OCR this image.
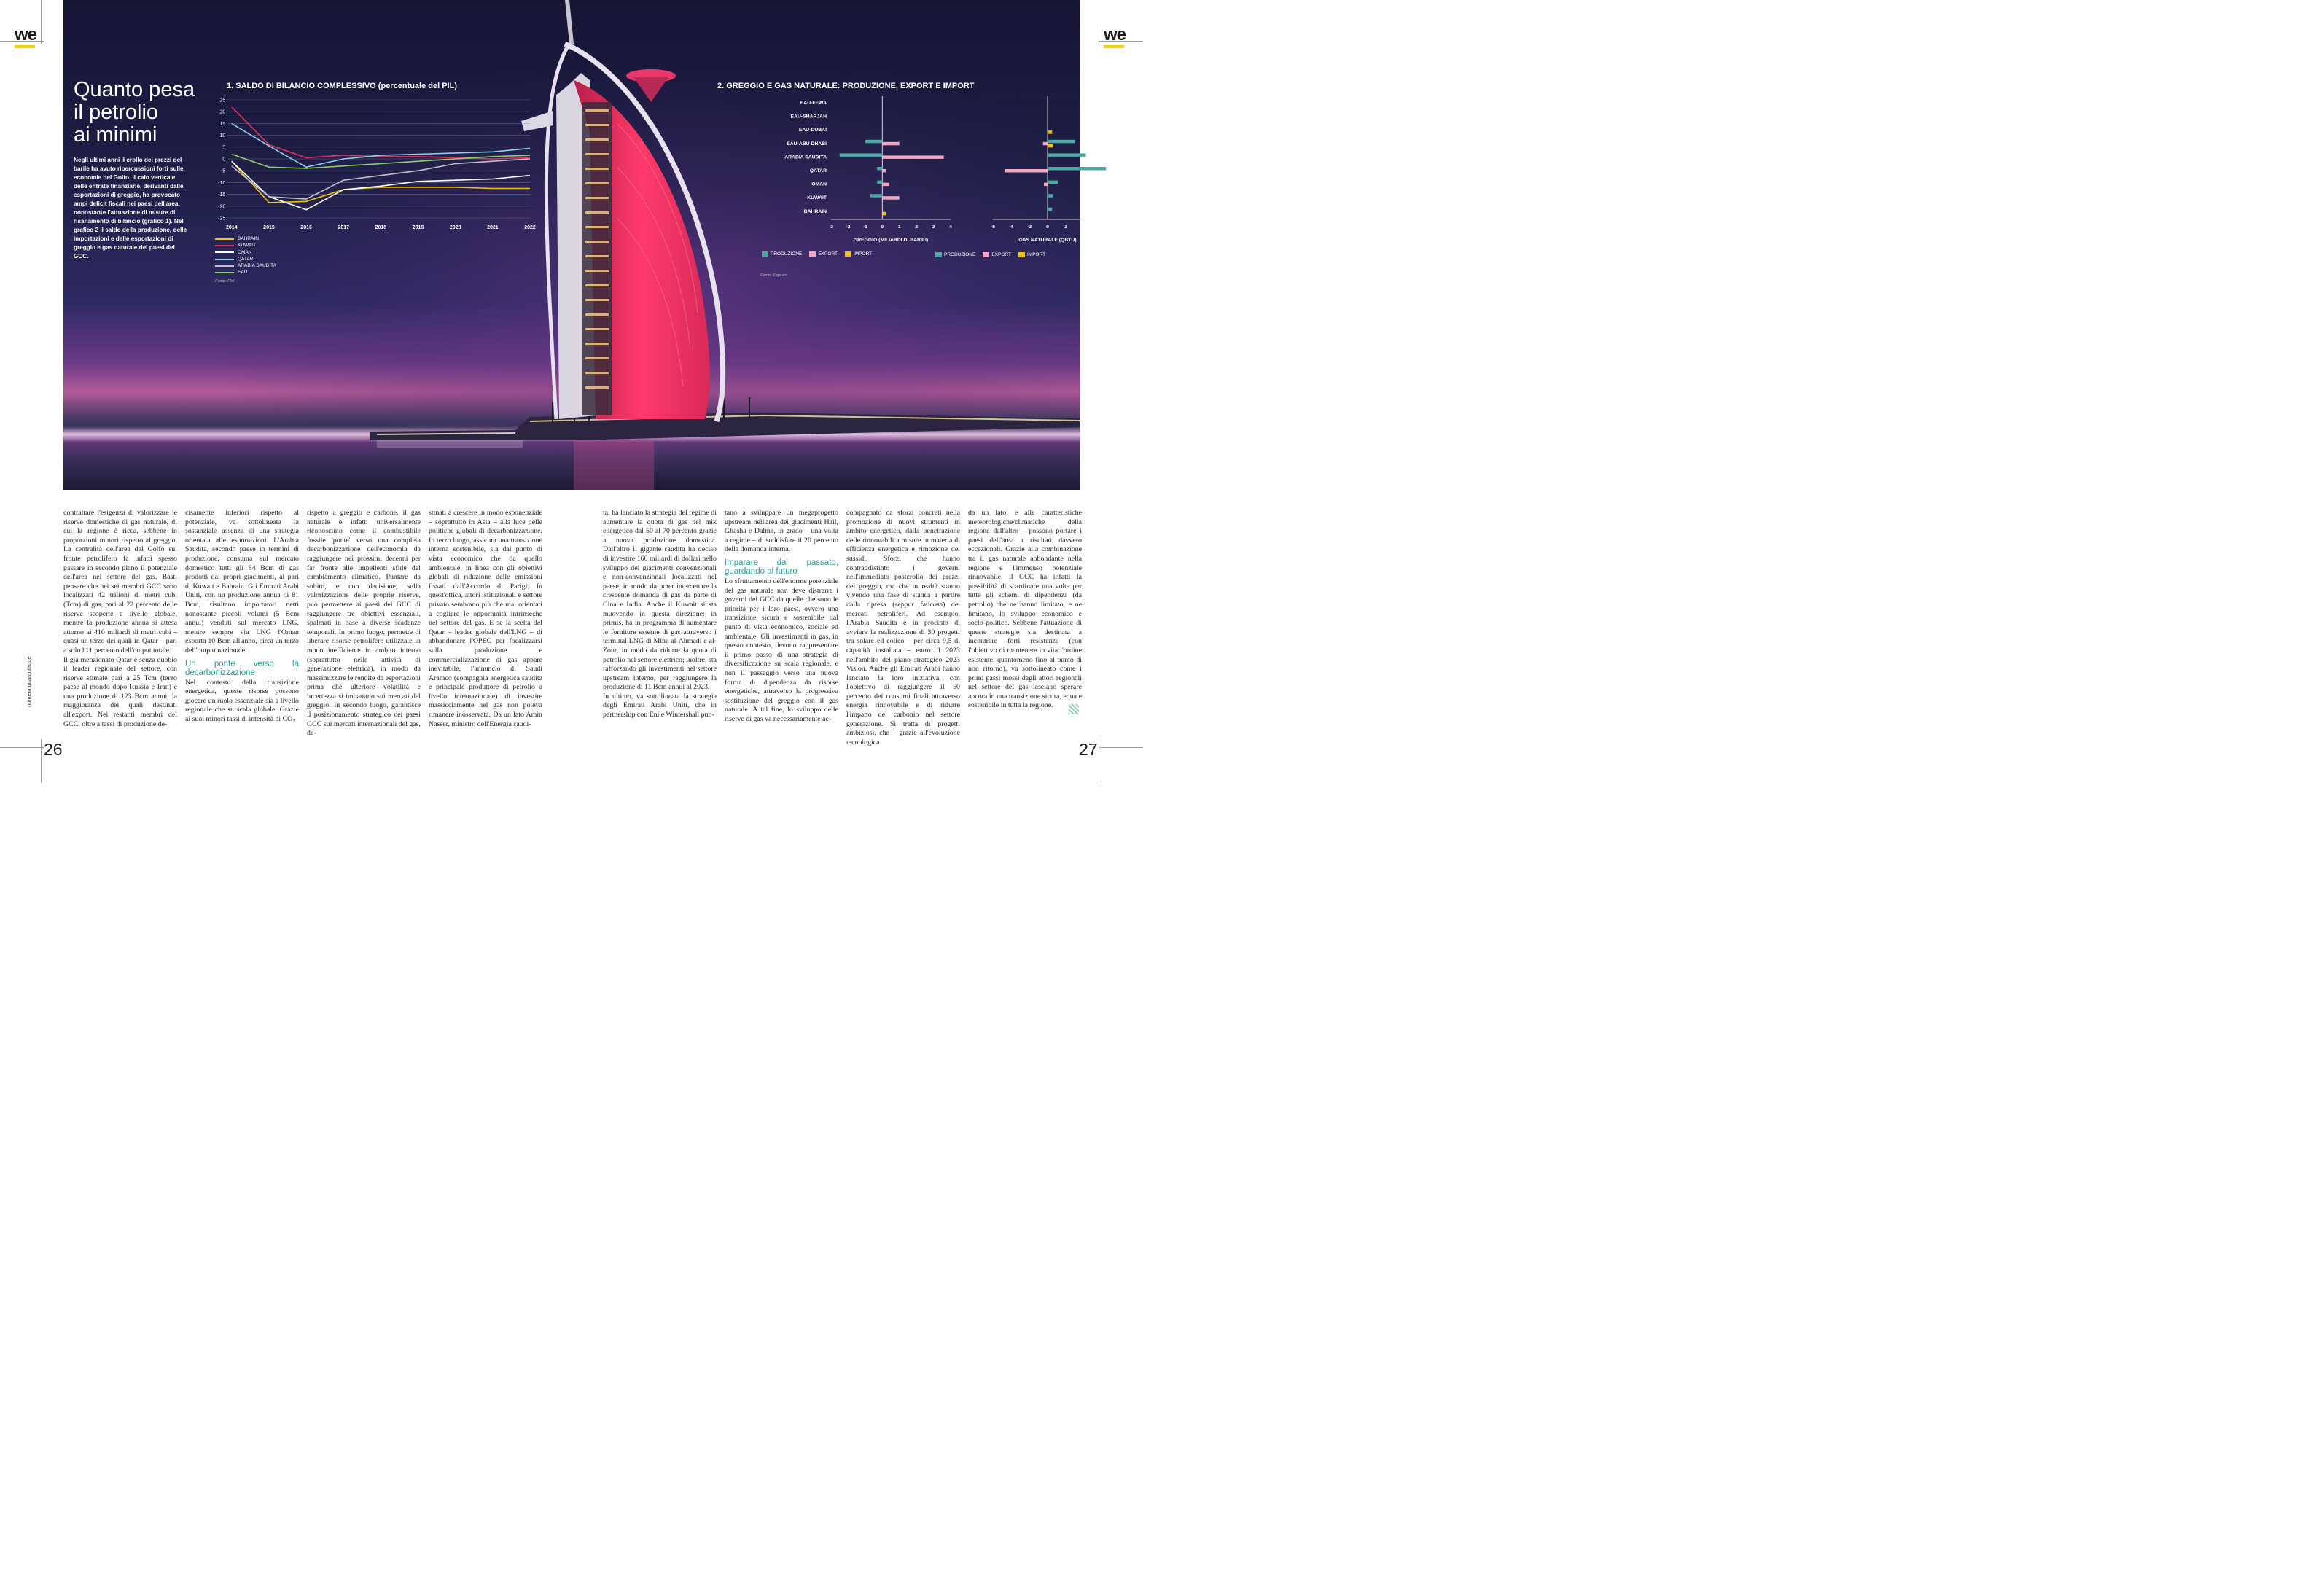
we	we
Quanto pesa
il petrolio
ai minimi

Negli ultimi anni il crollo dei prezzi del barile ha avuto ripercussioni forti sulle economie del Golfo. Il calo verticale delle entrate finanziarie, derivanti dalle esportazioni di greggio, ha provocato ampi deficit fiscali nei paesi dell'area, nonostante l'attuazione di misure di risanamento di bilancio (grafico 1). Nel grafico 2 il saldo della produzione, delle importazioni e delle esportazioni di greggio e gas naturale dei paesi del GCC.

1. SALDO DI BILANCIO COMPLESSIVO (percentuale del PIL)
25
20
15
10
5
0
-5
-10
-15
-20
-25
2014	2015	2016	2017	2018	2019	2020	2021	2022
BAHRAIN
KUWAIT
OMAN
QATAR
ARABIA SAUDITA
EAU
Fonte: FMI
2. GREGGIO E GAS NATURALE: PRODUZIONE, EXPORT E IMPORT
EAU-FEWA
EAU-SHARJAH
EAU-DUBAI
EAU-ABU DHABI
ARABIA SAUDITA
QATAR
OMAN
KUWAIT
BAHRAIN
-3	-2	-1	0	1	2	3	4
GREGGIO (MILIARDI DI BARILI)
-6	-4	-2	0	2	4	6
GAS NATURALE (QBTU)
PRODUZIONE	EXPORT	IMPORT	PRODUZIONE	EXPORT	IMPORT
Fonte: Kapsarc

contraltare l'esigenza di valorizzare le riserve domestiche di gas naturale, di cui la regione è ricca, sebbene in proporzioni minori rispetto al greggio. La centralità dell'area del Golfo sul fronte petrolifero fa infatti spesso passare in secondo piano il potenziale dell'area nel settore del gas. Basti pensare che nei sei membri GCC sono localizzati 42 trilioni di metri cubi (Tcm) di gas, pari al 22 percento delle riserve scoperte a livello globale, mentre la produzione annua si attesa attorno ai 410 miliardi di metri cubi – quasi un terzo dei quali in Qatar – pari a solo l'11 percento dell'output totale.

Il già menzionato Qatar è senza dubbio il leader regionale del settore, con riserve stimate pari a 25 Tcm (terzo paese al mondo dopo Russia e Iran) e una produzione di 123 Bcm annui, la maggioranza dei quali destinati all'export. Nei restanti membri del GCC, oltre a tassi di produzione de-

cisamente inferiori rispetto al potenziale, va sottolineata la sostanziale assenza di una strategia orientata alle esportazioni. L'Arabia Saudita, secondo paese in termini di produzione, consuma sul mercato domestico tutti gli 84 Bcm di gas prodotti dai propri giacimenti, al pari di Kuwait e Bahrain. Gli Emirati Arabi Uniti, con un produzione annua di 81 Bcm, risultano importatori netti nonostante piccoli volumi (5 Bcm annui) venduti sul mercato LNG, mentre sempre via LNG l'Oman esporta 10 Bcm all'anno, circa un terzo dell'output nazionale.

Un ponte verso la decarbonizzazione

Nel contesto della transizione energetica, queste risorse possono giocare un ruolo essenziale sia a livello regionale che su scala globale. Grazie ai suoi minori tassi di intensità di CO₂

rispetto a greggio e carbone, il gas naturale è infatti universalmente riconosciuto come il combustibile fossile 'ponte' verso una completa decarbonizzazione dell'economia da raggiungere nei prossimi decenni per far fronte alle impellenti sfide del cambiamento climatico. Puntare da subito, e con decisione, sulla valorizzazione delle proprie riserve, può permettere ai paesi del GCC di raggiungere tre obiettivi essenziali, spalmati in base a diverse scadenze temporali. In primo luogo, permette di liberare risorse petrolifere utilizzate in modo inefficiente in ambito interno (soprattutto nelle attività di generazione elettrica), in modo da massimizzare le rendite da esportazioni prima che ulteriore volatilità e incertezza si imbattano sui mercati del greggio. In secondo luogo, garantisce il posizionamento strategico dei paesi GCC sui mercati internazionali del gas, de-

stinati a crescere in modo esponenziale – soprattutto in Asia – alla luce delle politiche globali di decarbonizzazione. In terzo luogo, assicura una transizione interna sostenibile, sia dal punto di vista economico che da quello ambientale, in linea con gli obiettivi globali di riduzione delle emissioni fissati dall'Accordo di Parigi. In quest'ottica, attori istituzionali e settore privato sembrano più che mai orientati a cogliere le opportunità intrinseche nel settore del gas. E se la scelta del Qatar – leader globale dell'LNG – di abbandonare l'OPEC per focalizzarsi sulla produzione e commercializzazione di gas appare inevitabile, l'annuncio di Saudi Aramco (compagnia energetica saudita e principale produttore di petrolio a livello internazionale) di investire massicciamente nel gas non poteva rimanere inosservata. Da un lato Amin Nasser, ministro dell'Energia saudi-

ta, ha lanciato la strategia del regime di aumentare la quota di gas nel mix energetico dal 50 al 70 percento grazie a nuova produzione domestica. Dall'altro il gigante saudita ha deciso di investire 160 miliardi di dollari nello sviluppo dei giacimenti convenzionali e non-convenzionali localizzati nel paese, in modo da poter intercettare la crescente domanda di gas da parte di Cina e India. Anche il Kuwait si sta muovendo in questa direzione: in primis, ha in programma di aumentare le forniture esterne di gas attraverso i terminal LNG di Mina al-Ahmadi e al-Zour, in modo da ridurre la quota di petrolio nel settore elettrico; inoltre, sta rafforzando gli investimenti nel settore upstream interno, per raggiungere la produzione di 11 Bcm annui al 2023.

In ultimo, va sottolineata la strategia degli Emirati Arabi Uniti, che in partnership con Eni e Wintershall pun-

tano a sviluppare un megaprogetto upstream nell'area dei giacimenti Hail, Ghasha e Dalma, in grado – una volta a regime – di soddisfare il 20 percento della domanda interna.

Imparare dal passato, guardando al futuro

Lo sfruttamento dell'enorme potenziale del gas naturale non deve distrarre i governi del GCC da quelle che sono le priorità per i loro paesi, ovvero una transizione sicura e sostenibile dal punto di vista economico, sociale ed ambientale. Gli investimenti in gas, in questo contesto, devono rappresentare il primo passo di una strategia di diversificazione su scala regionale, e non il passaggio verso una nuova forma di dipendenza da risorse energetiche, attraverso la progressiva sostituzione del greggio con il gas naturale. A tal fine, lo sviluppo delle riserve di gas va necessariamente ac-

compagnato da sforzi concreti nella promozione di nuovi strumenti in ambito energetico, dalla penetrazione delle rinnovabili a misure in materia di efficienza energetica e rimozione dei sussidi. Sforzi che hanno contraddistinto i governi nell'immediato postcrollo dei prezzi del greggio, ma che in realtà stanno vivendo una fase di stanca a partire dalla ripresa (seppur faticosa) dei mercati petroliferi. Ad esempio, l'Arabia Saudita è in procinto di avviare la realizzazione di 30 progetti tra solare ed eolico – per circa 9,5 di capacità installata – entro il 2023 nell'ambito del piano strategico 2023 Vision. Anche gli Emirati Arabi hanno lanciato la loro iniziativa, con l'obiettivo di raggiungere il 50 percento dei consumi finali attraverso energia rinnovabile e di ridurre l'impatto del carbonio nel settore generazione. Si tratta di progetti ambiziosi, che – grazie all'evoluzione tecnologica

da un lato, e alle caratteristiche meteorologiche/climatiche della regione dall'altro – possono portare i paesi dell'area a risultati davvero eccezionali. Grazie alla combinazione tra il gas naturale abbondante nella regione e l'immenso potenziale rinnovabile, il GCC ha infatti la possibilità di scardinare una volta per tutte gli schemi di dipendenza (da petrolio) che ne hanno limitato, e ne limitano, lo sviluppo economico e socio-politico. Sebbene l'attuazione di queste strategie sia destinata a incontrare forti resistenze (con l'obiettivo di mantenere in vita l'ordine esistente, quantomeno fino al punto di non ritorno), va sottolineato come i primi passi mossi dagli attori regionali nel settore del gas lasciano sperare ancora in una transizione sicura, equa e sostenibile in tutta la regione.

numero quarantadue
26	27
